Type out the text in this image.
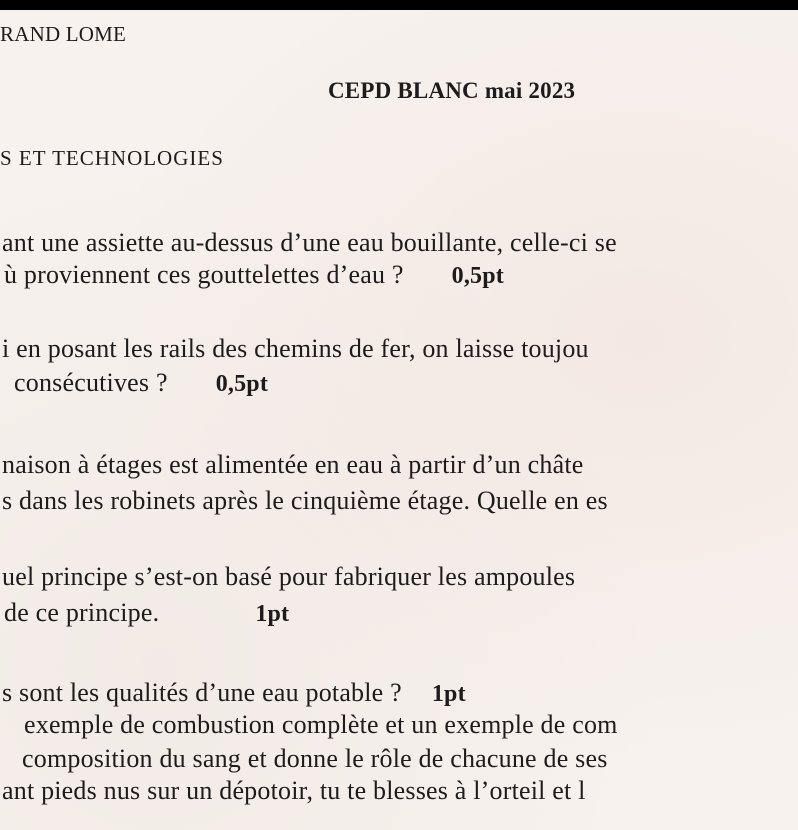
RAND LOME
CEPD BLANC mai 2023
S ET TECHNOLOGIES
ant une assiette au-dessus d’une eau bouillante, celle-ci se
ù proviennent ces gouttelettes d’eau ? 0,5pt
i en posant les rails des chemins de fer, on laisse toujou
consécutives ? 0,5pt
naison à étages est alimentée en eau à partir d’un châte
s dans les robinets après le cinquième étage. Quelle en es
uel principe s’est-on basé pour fabriquer les ampoules
de ce principe.	1pt
s sont les qualités d’une eau potable ? 1pt
exemple de combustion complète et un exemple de com
composition du sang et donne le rôle de chacune de ses
ant pieds nus sur un dépotoir, tu te blesses à l’orteil et l
